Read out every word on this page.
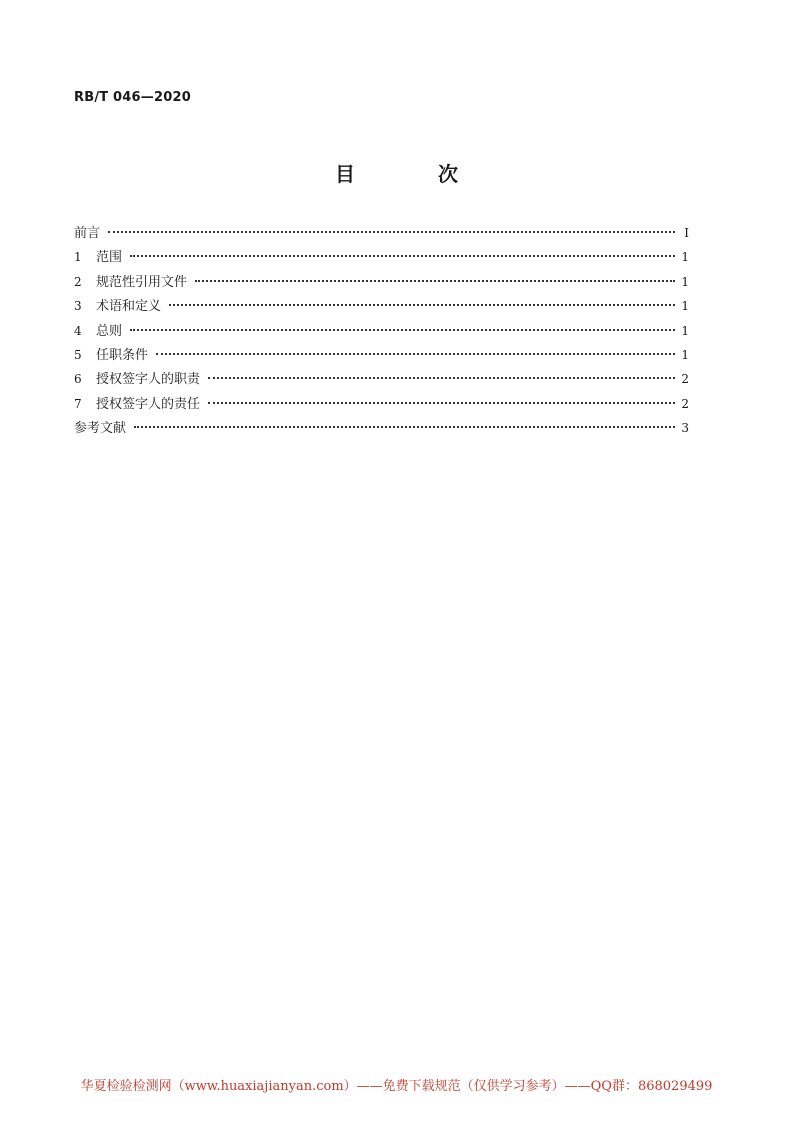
RB/T 046—2020
目 次
前言	Ⅰ
1	范围	1
2	规范性引用文件	1
3	术语和定义	1
4	总则	1
5	任职条件	1
6	授权签字人的职责	2
7	授权签字人的责任	2
参考文献	3
华夏检验检测网（www.huaxiajianyan.com）——免费下载规范（仅供学习参考）——QQ群：868029499
